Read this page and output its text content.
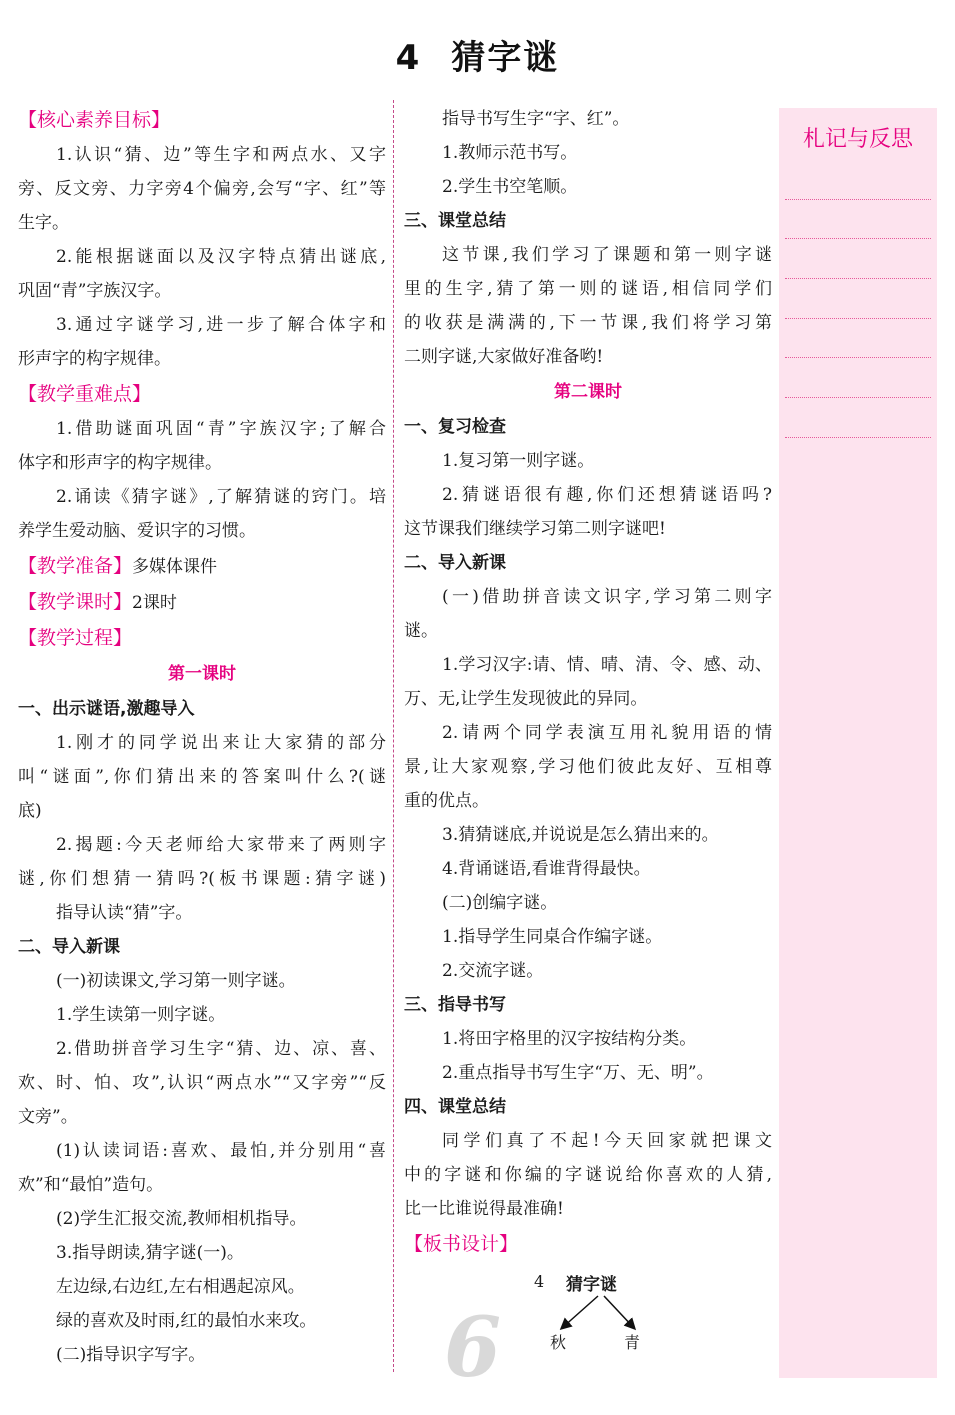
4 猜字谜
【核心素养目标】
1.认识“猜、边”等生字和两点水、又字
旁、反文旁、力字旁4个偏旁,会写“字、红”等
生字。
2.能根据谜面以及汉字特点猜出谜底,
巩固“青”字族汉字。
3.通过字谜学习,进一步了解合体字和
形声字的构字规律。
【教学重难点】
1.借助谜面巩固“青”字族汉字;了解合
体字和形声字的构字规律。
2.诵读《猜字谜》,了解猜谜的窍门。培
养学生爱动脑、爱识字的习惯。
【教学准备】多媒体课件
【教学课时】2课时
【教学过程】
第一课时
一、出示谜语,激趣导入
1.刚才的同学说出来让大家猜的部分
叫“谜面”,你们猜出来的答案叫什么?(谜
底)
2.揭题:今天老师给大家带来了两则字
谜,你们想猜一猜吗?(板书课题:猜字谜)
指导认读“猜”字。
二、导入新课
(一)初读课文,学习第一则字谜。
1.学生读第一则字谜。
2.借助拼音学习生字“猜、边、凉、喜、
欢、时、怕、攻”,认识“两点水”“又字旁”“反
文旁”。
(1)认读词语:喜欢、最怕,并分别用“喜
欢”和“最怕”造句。
(2)学生汇报交流,教师相机指导。
3.指导朗读,猜字谜(一)。
左边绿,右边红,左右相遇起凉风。
绿的喜欢及时雨,红的最怕水来攻。
(二)指导识字写字。
指导书写生字“字、红”。
1.教师示范书写。
2.学生书空笔顺。
三、课堂总结
这节课,我们学习了课题和第一则字谜
里的生字,猜了第一则的谜语,相信同学们
的收获是满满的,下一节课,我们将学习第
二则字谜,大家做好准备哟!
第二课时
一、复习检查
1.复习第一则字谜。
2.猜谜语很有趣,你们还想猜谜语吗?
这节课我们继续学习第二则字谜吧!
二、导入新课
(一)借助拼音读文识字,学习第二则字
谜。
1.学习汉字:请、情、晴、清、令、感、动、
万、无,让学生发现彼此的异同。
2.请两个同学表演互用礼貌用语的情
景,让大家观察,学习他们彼此友好、互相尊
重的优点。
3.猜猜谜底,并说说是怎么猜出来的。
4.背诵谜语,看谁背得最快。
(二)创编字谜。
1.指导学生同桌合作编字谜。
2.交流字谜。
三、指导书写
1.将田字格里的汉字按结构分类。
2.重点指导书写生字“万、无、明”。
四、课堂总结
同学们真了不起!今天回家就把课文
中的字谜和你编的字谜说给你喜欢的人猜,
比一比谁说得最准确!
【板书设计】
4 猜字谜
秋	青
札记与反思
6
